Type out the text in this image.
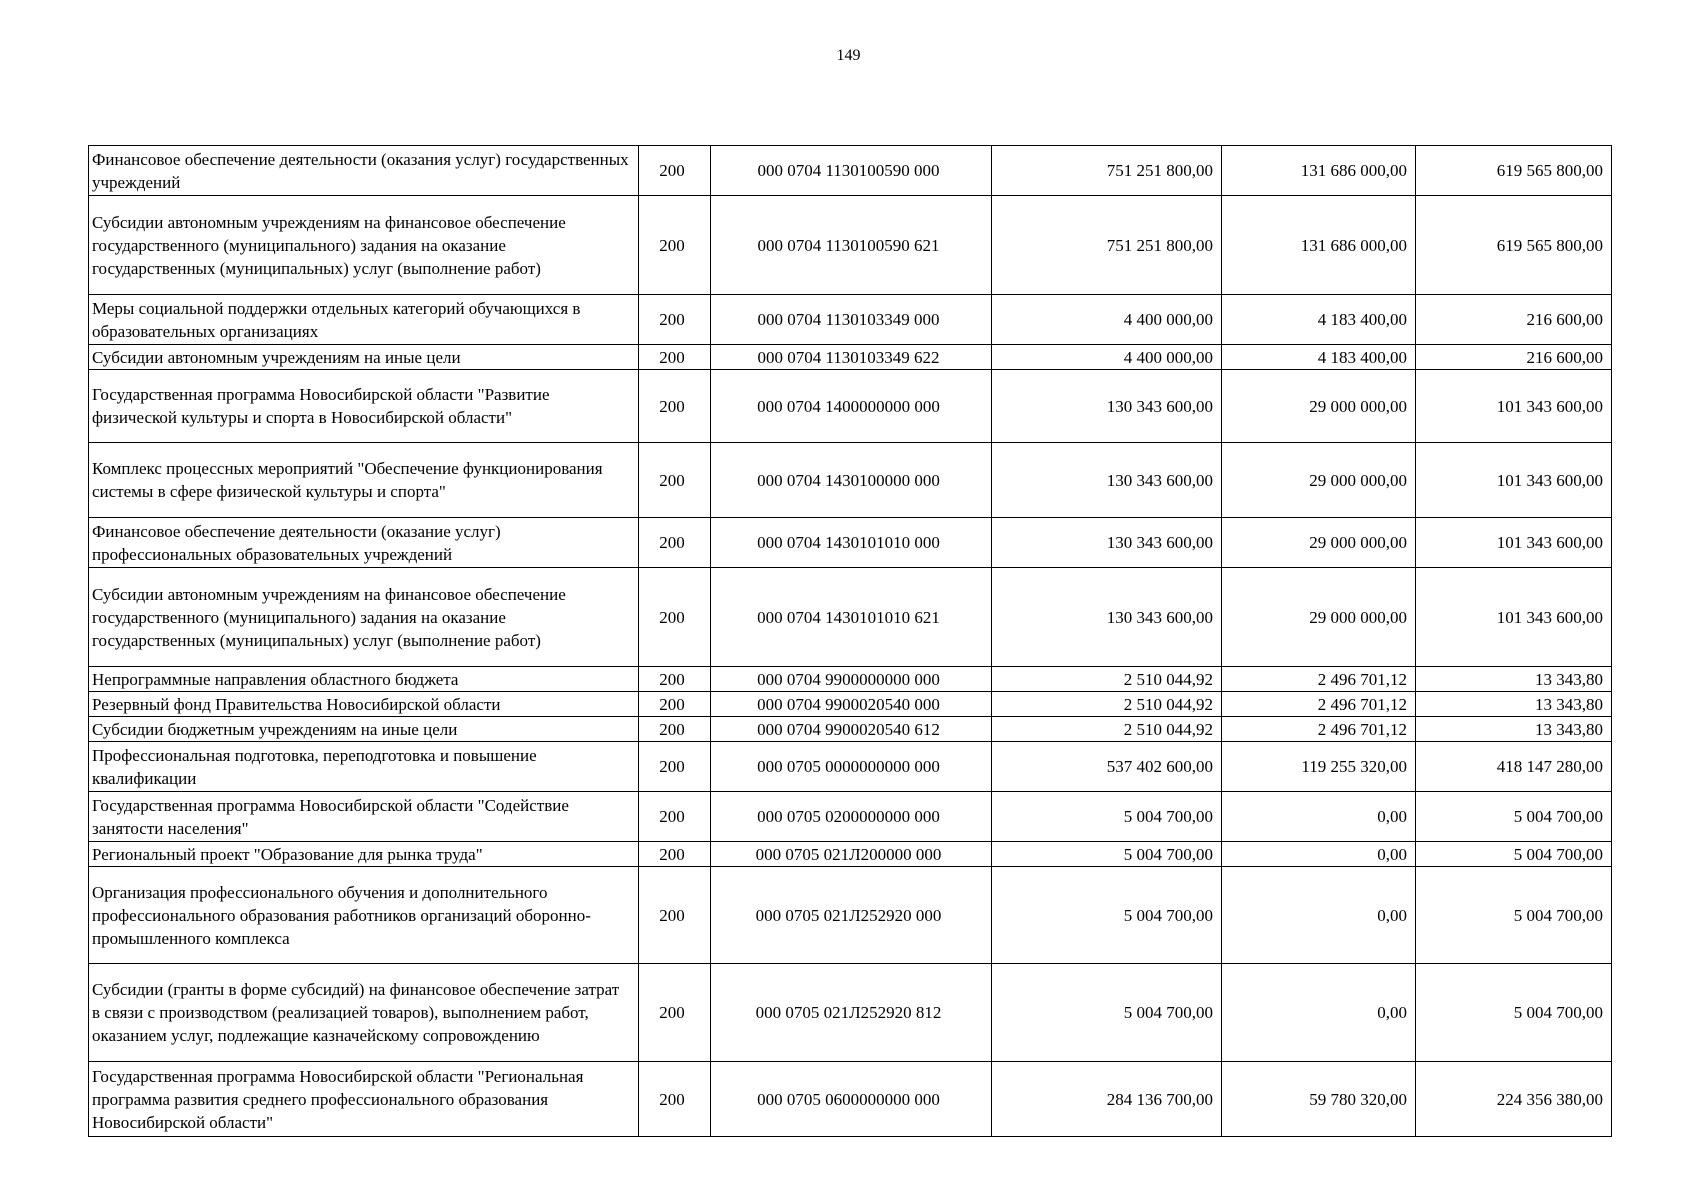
149
Финансовое обеспечение деятельности (оказания услуг) государственных учреждений	200	000 0704 1130100590 000	751 251 800,00	131 686 000,00	619 565 800,00
Субсидии автономным учреждениям на финансовое обеспечение государственного (муниципального) задания на оказание государственных (муниципальных) услуг (выполнение работ)	200	000 0704 1130100590 621	751 251 800,00	131 686 000,00	619 565 800,00
Меры социальной поддержки отдельных категорий обучающихся в образовательных организациях	200	000 0704 1130103349 000	4 400 000,00	4 183 400,00	216 600,00
Субсидии автономным учреждениям на иные цели	200	000 0704 1130103349 622	4 400 000,00	4 183 400,00	216 600,00
Государственная программа Новосибирской области "Развитие физической культуры и спорта в Новосибирской области"	200	000 0704 1400000000 000	130 343 600,00	29 000 000,00	101 343 600,00
Комплекс процессных мероприятий "Обеспечение функционирования системы в сфере физической культуры и спорта"	200	000 0704 1430100000 000	130 343 600,00	29 000 000,00	101 343 600,00
Финансовое обеспечение деятельности (оказание услуг) профессиональных образовательных учреждений	200	000 0704 1430101010 000	130 343 600,00	29 000 000,00	101 343 600,00
Субсидии автономным учреждениям на финансовое обеспечение государственного (муниципального) задания на оказание государственных (муниципальных) услуг (выполнение работ)	200	000 0704 1430101010 621	130 343 600,00	29 000 000,00	101 343 600,00
Непрограммные направления областного бюджета	200	000 0704 9900000000 000	2 510 044,92	2 496 701,12	13 343,80
Резервный фонд Правительства Новосибирской области	200	000 0704 9900020540 000	2 510 044,92	2 496 701,12	13 343,80
Субсидии бюджетным учреждениям на иные цели	200	000 0704 9900020540 612	2 510 044,92	2 496 701,12	13 343,80
Профессиональная подготовка, переподготовка и повышение квалификации	200	000 0705 0000000000 000	537 402 600,00	119 255 320,00	418 147 280,00
Государственная программа Новосибирской области "Содействие занятости населения"	200	000 0705 0200000000 000	5 004 700,00	0,00	5 004 700,00
Региональный проект "Образование для рынка труда"	200	000 0705 021Л200000 000	5 004 700,00	0,00	5 004 700,00
Организация профессионального обучения и дополнительного профессионального образования работников организаций оборонно-промышленного комплекса	200	000 0705 021Л252920 000	5 004 700,00	0,00	5 004 700,00
Субсидии (гранты в форме субсидий) на финансовое обеспечение затрат в связи с производством (реализацией товаров), выполнением работ, оказанием услуг, подлежащие казначейскому сопровождению	200	000 0705 021Л252920 812	5 004 700,00	0,00	5 004 700,00
Государственная программа Новосибирской области "Региональная программа развития среднего профессионального образования Новосибирской области"	200	000 0705 0600000000 000	284 136 700,00	59 780 320,00	224 356 380,00
